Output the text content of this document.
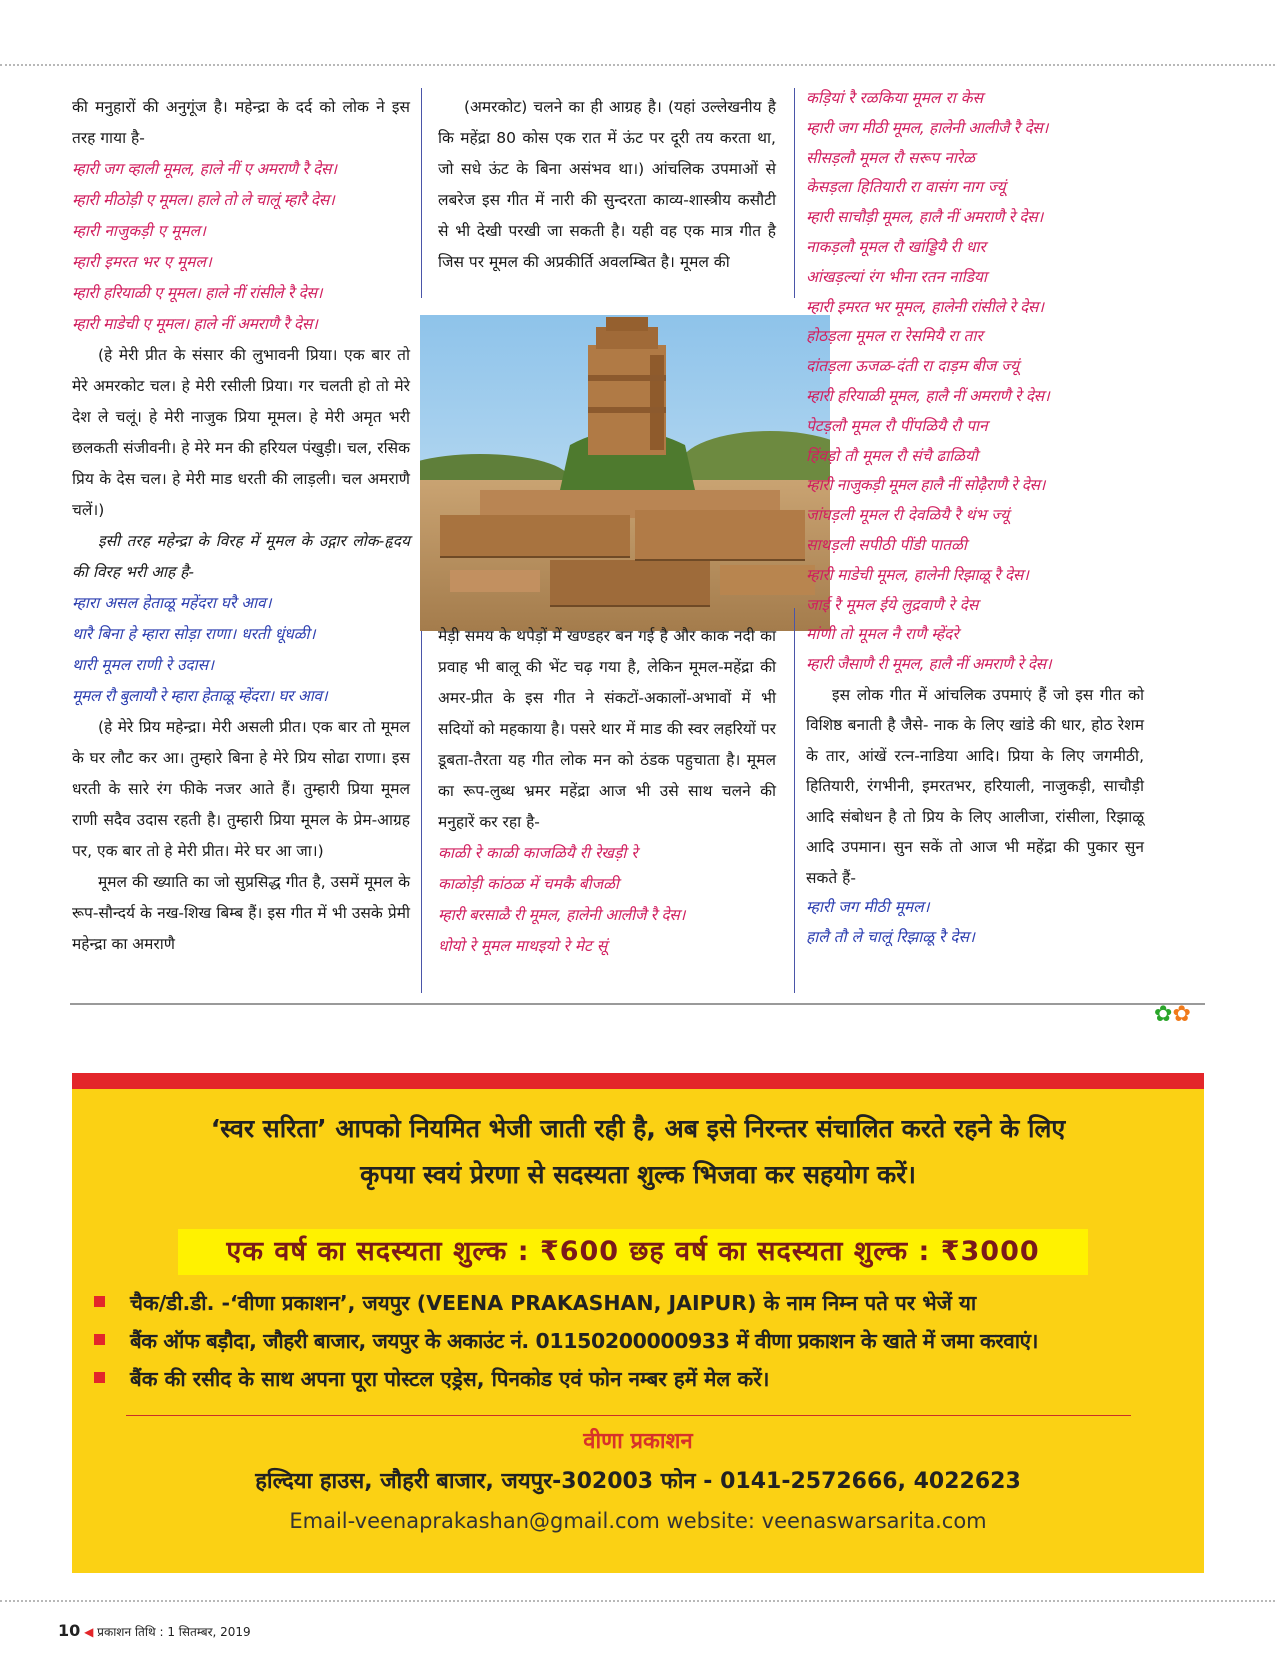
की मनुहारों की अनुगूंज है। महेन्द्रा के दर्द को लोक ने इस तरह गाया है-

म्हारी जग व्हाली मूमल, हाले नीं ए अमराणै रै देस।

म्हारी मीठोड़ी ए मूमल। हाले तो ले चालूं म्हारै देस।

म्हारी नाजुकड़ी ए मूमल।

म्हारी इमरत भर ए मूमल।

म्हारी हरियाळी ए मूमल। हाले नीं रांसीले रै देस।

म्हारी माडेची ए मूमल। हाले नीं अमराणै रै देस।

(हे मेरी प्रीत के संसार की लुभावनी प्रिया। एक बार तो मेरे अमरकोट चल। हे मेरी रसीली प्रिया। गर चलती हो तो मेरे देश ले चलूं। हे मेरी नाजुक प्रिया मूमल। हे मेरी अमृत भरी छलकती संजीवनी। हे मेरे मन की हरियल पंखुड़ी। चल, रसिक प्रिय के देस चल। हे मेरी माड धरती की लाड़ली। चल अमराणै चलें।)

इसी तरह महेन्द्रा के विरह में मूमल के उद्गार लोक-हृदय की विरह भरी आह है-

म्हारा असल हेताळू महेंदरा घरै आव।

थारै बिना हे म्हारा सोड़ा राणा। धरती धूंधळी।

थारी मूमल राणी रे उदास।

मूमल रौ बुलायौ रे म्हारा हेताळू म्हेंदरा। घर आव।

(हे मेरे प्रिय महेन्द्रा। मेरी असली प्रीत। एक बार तो मूमल के घर लौट कर आ। तुम्हारे बिना हे मेरे प्रिय सोढा राणा। इस धरती के सारे रंग फीके नजर आते हैं। तुम्हारी प्रिया मूमल राणी सदैव उदास रहती है। तुम्हारी प्रिया मूमल के प्रेम-आग्रह पर, एक बार तो हे मेरी प्रीत। मेरे घर आ जा।)

मूमल की ख्याति का जो सुप्रसिद्ध गीत है, उसमें मूमल के रूप-सौन्दर्य के नख-शिख बिम्ब हैं। इस गीत में भी उसके प्रेमी महेन्द्रा का अमराणै

(अमरकोट) चलने का ही आग्रह है। (यहां उल्लेखनीय है कि महेंद्रा 80 कोस एक रात में ऊंट पर दूरी तय करता था, जो सधे ऊंट के बिना असंभव था।) आंचलिक उपमाओं से लबरेज इस गीत में नारी की सुन्दरता काव्य-शास्त्रीय कसौटी से भी देखी परखी जा सकती है। यही वह एक मात्र गीत है जिस पर मूमल की अप्रकीर्ति अवलम्बित है। मूमल की

मेड़ी समय के थपेड़ों में खण्डहर बन गई है और काक नदी का प्रवाह भी बालू की भेंट चढ़ गया है, लेकिन मूमल-महेंद्रा की अमर-प्रीत के इस गीत ने संकटों-अकालों-अभावों में भी सदियों को महकाया है। पसरे थार में माड की स्वर लहरियों पर डूबता-तैरता यह गीत लोक मन को ठंडक पहुचाता है। मूमल का रूप-लुब्ध भ्रमर महेंद्रा आज भी उसे साथ चलने की मनुहारें कर रहा है-

काळी रे काळी काजळियै री रेखड़ी रे

काळोड़ी कांठळ में चमकै बीजळी

म्हारी बरसाळै री मूमल, हालेनी आलीजै रै देस।

धोयो रे मूमल माथइयो रे मेट सूं

कड़ियां रै रळकिया मूमल रा केस

म्हारी जग मीठी मूमल, हालेनी आलीजै रै देस।

सीसड़लौ मूमल रौ सरूप नारेळ

केसड़ला हितियारी रा वासंग नाग ज्यूं

म्हारी साचौड़ी मूमल, हालै नीं अमराणै रे देस।

नाकड़लौ मूमल रौ खांड्डियै री धार

आंखड़ल्यां रंग भीना रतन नाडिया

म्हारी इमरत भर मूमल, हालेनी रांसीले रे देस।

होठड़ला मूमल रा रेसमियै रा तार

दांतड़ला ऊजळ-दंती रा दाड़म बीज ज्यूं

म्हारी हरियाळी मूमल, हालै नीं अमराणै रे देस।

पेटड़लौ मूमल रौ पींपळियै रौ पान

हिंवड़ो तौ मूमल रौ संचै ढाळियौ

म्हारी नाजुकड़ी मूमल हालै नीं सोढ़ैराणै रे देस।

जांघड़ली मूमल री देवळियै रै थंभ ज्यूं

साथड़ली सपीठी पींडी पातळी

म्हारी माडेची मूमल, हालेनी रिझाळू रै देस।

जाई रै मूमल ईये लुद्रवाणै रे देस

मांणी तो मूमल नै राणै म्हेंदरे

म्हारी जैसाणै री मूमल, हालै नीं अमराणै रे देस।

इस लोक गीत में आंचलिक उपमाएं हैं जो इस गीत को विशिष्ठ बनाती है जैसे- नाक के लिए खांडे की धार, होठ रेशम के तार, आंखें रत्न-नाडिया आदि। प्रिया के लिए जगमीठी, हितियारी, रंगभीनी, इमरतभर, हरियाली, नाजुकड़ी, साचौड़ी आदि संबोधन है तो प्रिय के लिए आलीजा, रांसीला, रिझाळू आदि उपमान। सुन सकें तो आज भी महेंद्रा की पुकार सुन सकते हैं-

म्हारी जग मीठी मूमल।

हालै तौ ले चालूं रिझाळू रै देस।

✿✿
‘स्वर सरिता’ आपको नियमित भेजी जाती रही है, अब इसे निरन्तर संचालित करते रहने के लिए
कृपया स्वयं प्रेरणा से सदस्यता शुल्क भिजवा कर सहयोग करें।
एक वर्ष का सदस्यता शुल्क : ₹600 छह वर्ष का सदस्यता शुल्क : ₹3000
चैक/डी.डी. -‘वीणा प्रकाशन’, जयपुर (VEENA PRAKASHAN, JAIPUR) के नाम निम्न पते पर भेजें या
बैंक ऑफ बड़ौदा, जौहरी बाजार, जयपुर के अकाउंट नं. 01150200000933 में वीणा प्रकाशन के खाते में जमा करवाएं।
बैंक की रसीद के साथ अपना पूरा पोस्टल एड्रेस, पिनकोड एवं फोन नम्बर हमें मेल करें।
वीणा प्रकाशन
हल्दिया हाउस, जौहरी बाजार, जयपुर-302003 फोन - 0141-2572666, 4022623
Email-veenaprakashan@gmail.com website: veenaswarsarita.com
10 ◀ प्रकाशन तिथि : 1 सितम्बर, 2019
